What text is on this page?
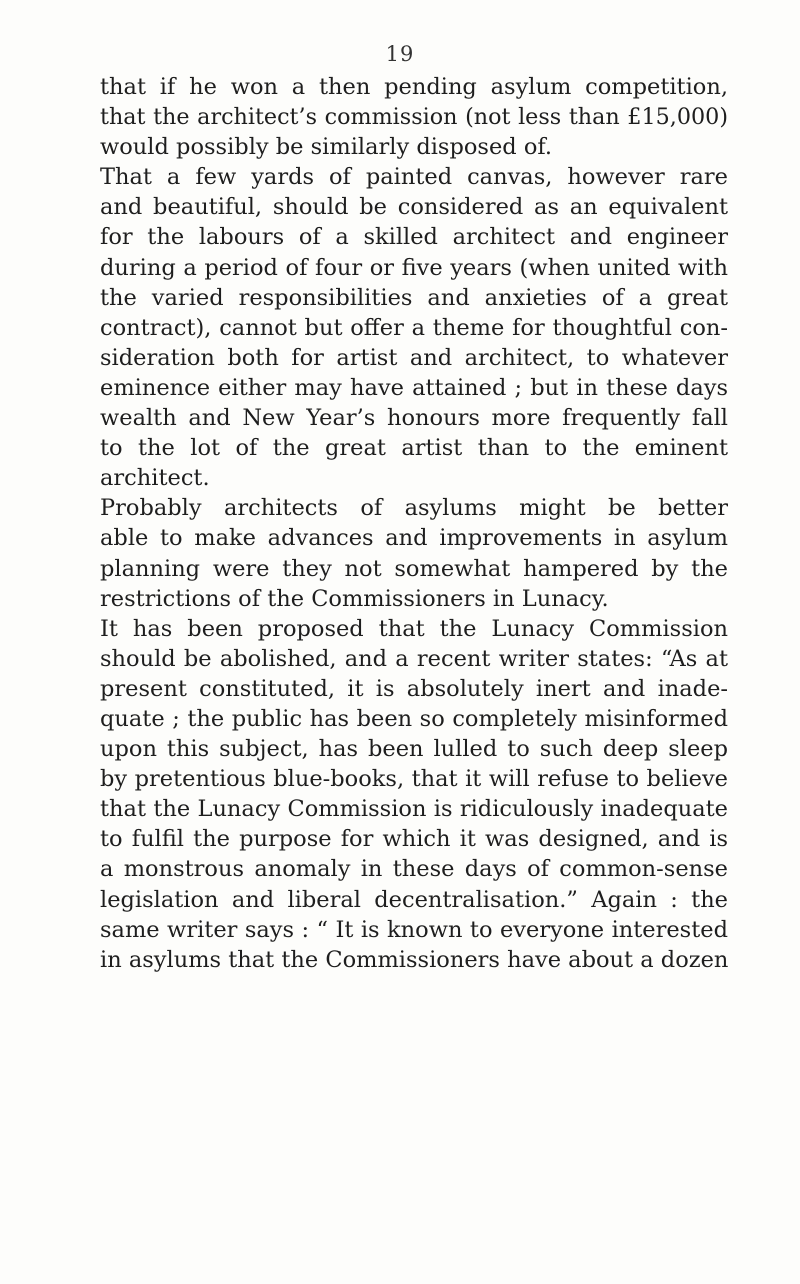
19
that if he won a then pending asylum competition,
that the architect’s commission (not less than £15,000)
would possibly be similarly disposed of.
That a few yards of painted canvas, however rare
and beautiful, should be considered as an equivalent
for the labours of a skilled architect and engineer
during a period of four or five years (when united with
the varied responsibilities and anxieties of a great
contract), cannot but offer a theme for thoughtful con-
sideration both for artist and architect, to whatever
eminence either may have attained ; but in these days
wealth and New Year’s honours more frequently fall
to the lot of the great artist than to the eminent
architect.
Probably architects of asylums might be better
able to make advances and improvements in asylum
planning were they not somewhat hampered by the
restrictions of the Commissioners in Lunacy.
It has been proposed that the Lunacy Commission
should be abolished, and a recent writer states: “As at
present constituted, it is absolutely inert and inade-
quate ; the public has been so completely misinformed
upon this subject, has been lulled to such deep sleep
by pretentious blue-books, that it will refuse to believe
that the Lunacy Commission is ridiculously inadequate
to fulfil the purpose for which it was designed, and is
a monstrous anomaly in these days of common-sense
legislation and liberal decentralisation.” Again : the
same writer says : “ It is known to everyone interested
in asylums that the Commissioners have about a dozen
